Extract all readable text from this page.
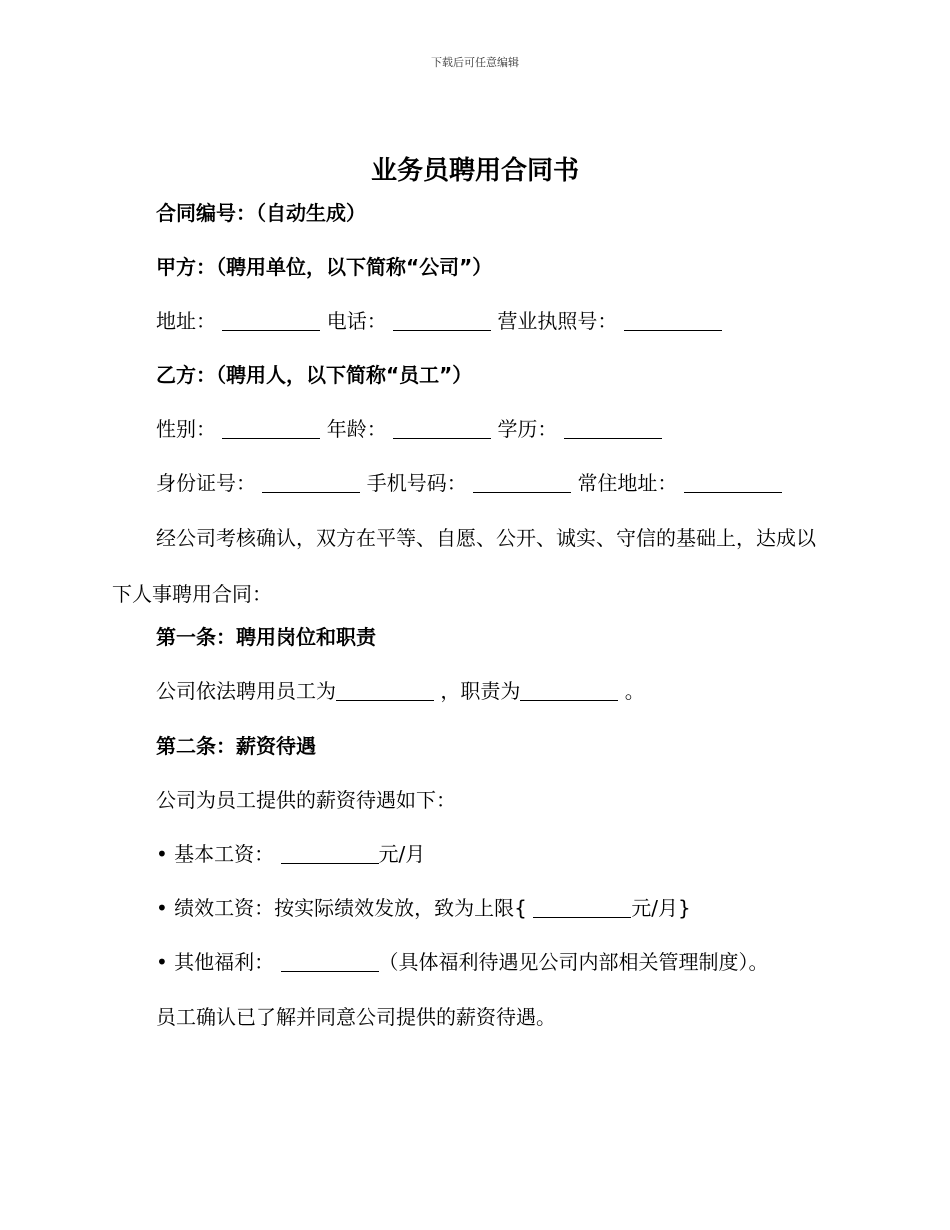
下载后可任意编辑
业务员聘用合同书
合同编号：（自动生成）
甲方：（聘用单位，以下简称“公司”）
地址：	电话：	营业执照号：
乙方：（聘用人，以下简称“员工”）
性别：	年龄：	学历：
身份证号：	手机号码：	常住地址：
经公司考核确认，双方在平等、自愿、公开、诚实、守信的基础上，达成以下人事聘用合同：
第一条：聘用岗位和职责
公司依法聘用员工为	，职责为	。
第二条：薪资待遇
公司为员工提供的薪资待遇如下：
• 基本工资：	元/月
• 绩效工资：按实际绩效发放，致为上限{	元/月}
• 其他福利：	（具体福利待遇见公司内部相关管理制度）。
员工确认已了解并同意公司提供的薪资待遇。
